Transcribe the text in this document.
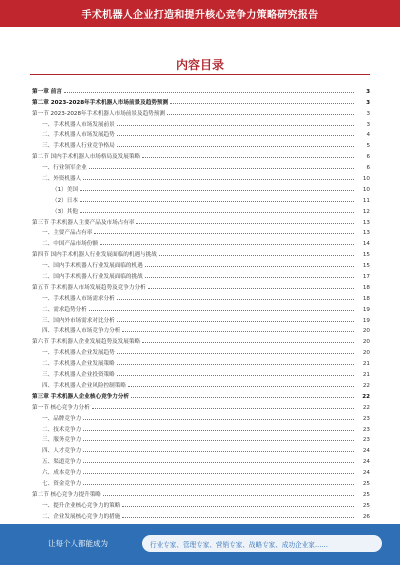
手术机器人企业打造和提升核心竞争力策略研究报告
内容目录
第一章 前言	3
第二章 2023-2028年手术机器人市场前景及趋势预测	3
第一节 2023-2028年手术机器人市场前景及趋势预测	3
一、手术机器人市场发展前景	3
二、手术机器人市场发展趋势	4
三、手术机器人行业竞争格局	5
第二节 国内手术机器人市场格局及发展策略	6
一、行业领军企业	6
二、外资机器人	10
（1）美国	10
（2）日本	11
（3）其他	12
第三节 手术机器人主要产品及市场占有率	13
一、主要产品占有率	13
二、中国产品市场份额	14
第四节 国内手术机器人行业发展面临的机遇与挑战	15
一、国内手术机器人行业发展面临的机遇	15
二、国内手术机器人行业发展面临的挑战	17
第五节 手术机器人市场发展趋势及竞争力分析	18
一、手术机器人市场需求分析	18
二、需求趋势分析	19
三、国内外市场需求对比分析	19
四、手术机器人市场竞争力分析	20
第六节 手术机器人企业发展趋势及发展策略	20
一、手术机器人企业发展趋势	20
二、手术机器人企业发展策略	21
三、手术机器人企业投资策略	21
四、手术机器人企业风险控制策略	22
第三章 手术机器人企业核心竞争力分析	22
第一节 核心竞争力分析	22
一、品牌竞争力	23
二、技术竞争力	23
三、服务竞争力	23
四、人才竞争力	24
五、渠道竞争力	24
六、成本竞争力	24
七、资金竞争力	25
第二节 核心竞争力提升策略	25
一、提升企业核心竞争力的策略	25
二、企业发展核心竞争力的措施	26
让每个人都能成为	行业专家、管理专家、营销专家、战略专家、成功企业家……
